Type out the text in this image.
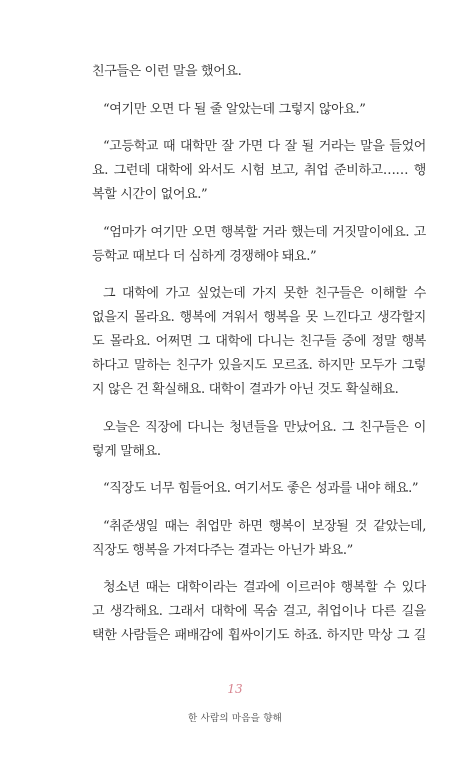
친구들은 이런 말을 했어요.
“여기만 오면 다 될 줄 알았는데 그렇지 않아요.”
“고등학교 때 대학만 잘 가면 다 잘 될 거라는 말을 들었어
요. 그런데 대학에 와서도 시험 보고, 취업 준비하고…… 행
복할 시간이 없어요.”
“엄마가 여기만 오면 행복할 거라 했는데 거짓말이에요. 고
등학교 때보다 더 심하게 경쟁해야 돼요.”
그 대학에 가고 싶었는데 가지 못한 친구들은 이해할 수
없을지 몰라요. 행복에 겨워서 행복을 못 느낀다고 생각할지
도 몰라요. 어쩌면 그 대학에 다니는 친구들 중에 정말 행복
하다고 말하는 친구가 있을지도 모르죠. 하지만 모두가 그렇
지 않은 건 확실해요. 대학이 결과가 아닌 것도 확실해요.
오늘은 직장에 다니는 청년들을 만났어요. 그 친구들은 이
렇게 말해요.
“직장도 너무 힘들어요. 여기서도 좋은 성과를 내야 해요.”
“취준생일 때는 취업만 하면 행복이 보장될 것 같았는데,
직장도 행복을 가져다주는 결과는 아닌가 봐요.”
청소년 때는 대학이라는 결과에 이르러야 행복할 수 있다
고 생각해요. 그래서 대학에 목숨 걸고, 취업이나 다른 길을
택한 사람들은 패배감에 휩싸이기도 하죠. 하지만 막상 그 길
13
한 사람의 마음을 향해
